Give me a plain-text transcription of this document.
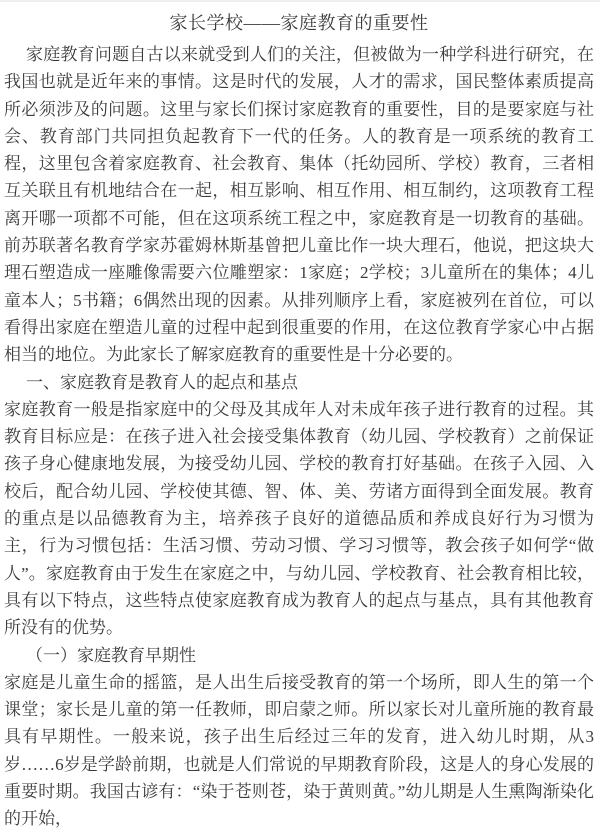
家长学校——家庭教育的重要性

家庭教育问题自古以来就受到人们的关注，但被做为一种学科进行研究，在我国也就是近年来的事情。这是时代的发展，人才的需求，国民整体素质提高所必须涉及的问题。这里与家长们探讨家庭教育的重要性，目的是要家庭与社会、教育部门共同担负起教育下一代的任务。人的教育是一项系统的教育工程，这里包含着家庭教育、社会教育、集体（托幼园所、学校）教育，三者相互关联且有机地结合在一起，相互影响、相互作用、相互制约，这项教育工程离开哪一项都不可能，但在这项系统工程之中，家庭教育是一切教育的基础。前苏联著名教育学家苏霍姆林斯基曾把儿童比作一块大理石，他说，把这块大理石塑造成一座雕像需要六位雕塑家：1家庭；2学校；3儿童所在的集体；4儿童本人；5书籍；6偶然出现的因素。从排列顺序上看，家庭被列在首位，可以看得出家庭在塑造儿童的过程中起到很重要的作用，在这位教育学家心中占据 相当的地位。为此家长了解家庭教育的重要性是十分必要的。

一、家庭教育是教育人的起点和基点

家庭教育一般是指家庭中的父母及其成年人对未成年孩子进行教育的过程。其教育目标应是：在孩子进入社会接受集体教育（幼儿园、学校教育）之前保证孩子身心健康地发展，为接受幼儿园、学校的教育打好基础。在孩子入园、入校后，配合幼儿园、学校使其德、智、体、美、劳诸方面得到全面发展。教育的重点是以品德教育为主，培养孩子良好的道德品质和养成良好行为习惯为主，行为习惯包括：生活习惯、劳动习惯、学习习惯等，教会孩子如何学“做人”。家庭教育由于发生在家庭之中，与幼儿园、学校教育、社会教育相比较，具有以下特点，这些特点使家庭教育成为教育人的起点与基点，具有其他教育所没有的优势。

（一）家庭教育早期性

家庭是儿童生命的摇篮，是人出生后接受教育的第一个场所，即人生的第一个课堂；家长是儿童的第一任教师，即启蒙之师。所以家长对儿童所施的教育最具有早期性。一般来说，孩子出生后经过三年的发育，进入幼儿时期，从3岁……6岁是学龄前期，也就是人们常说的早期教育阶段，这是人的身心发展的重要时期。我国古谚有：“染于苍则苍，染于黄则黄。”幼儿期是人生熏陶渐染化的开始，
